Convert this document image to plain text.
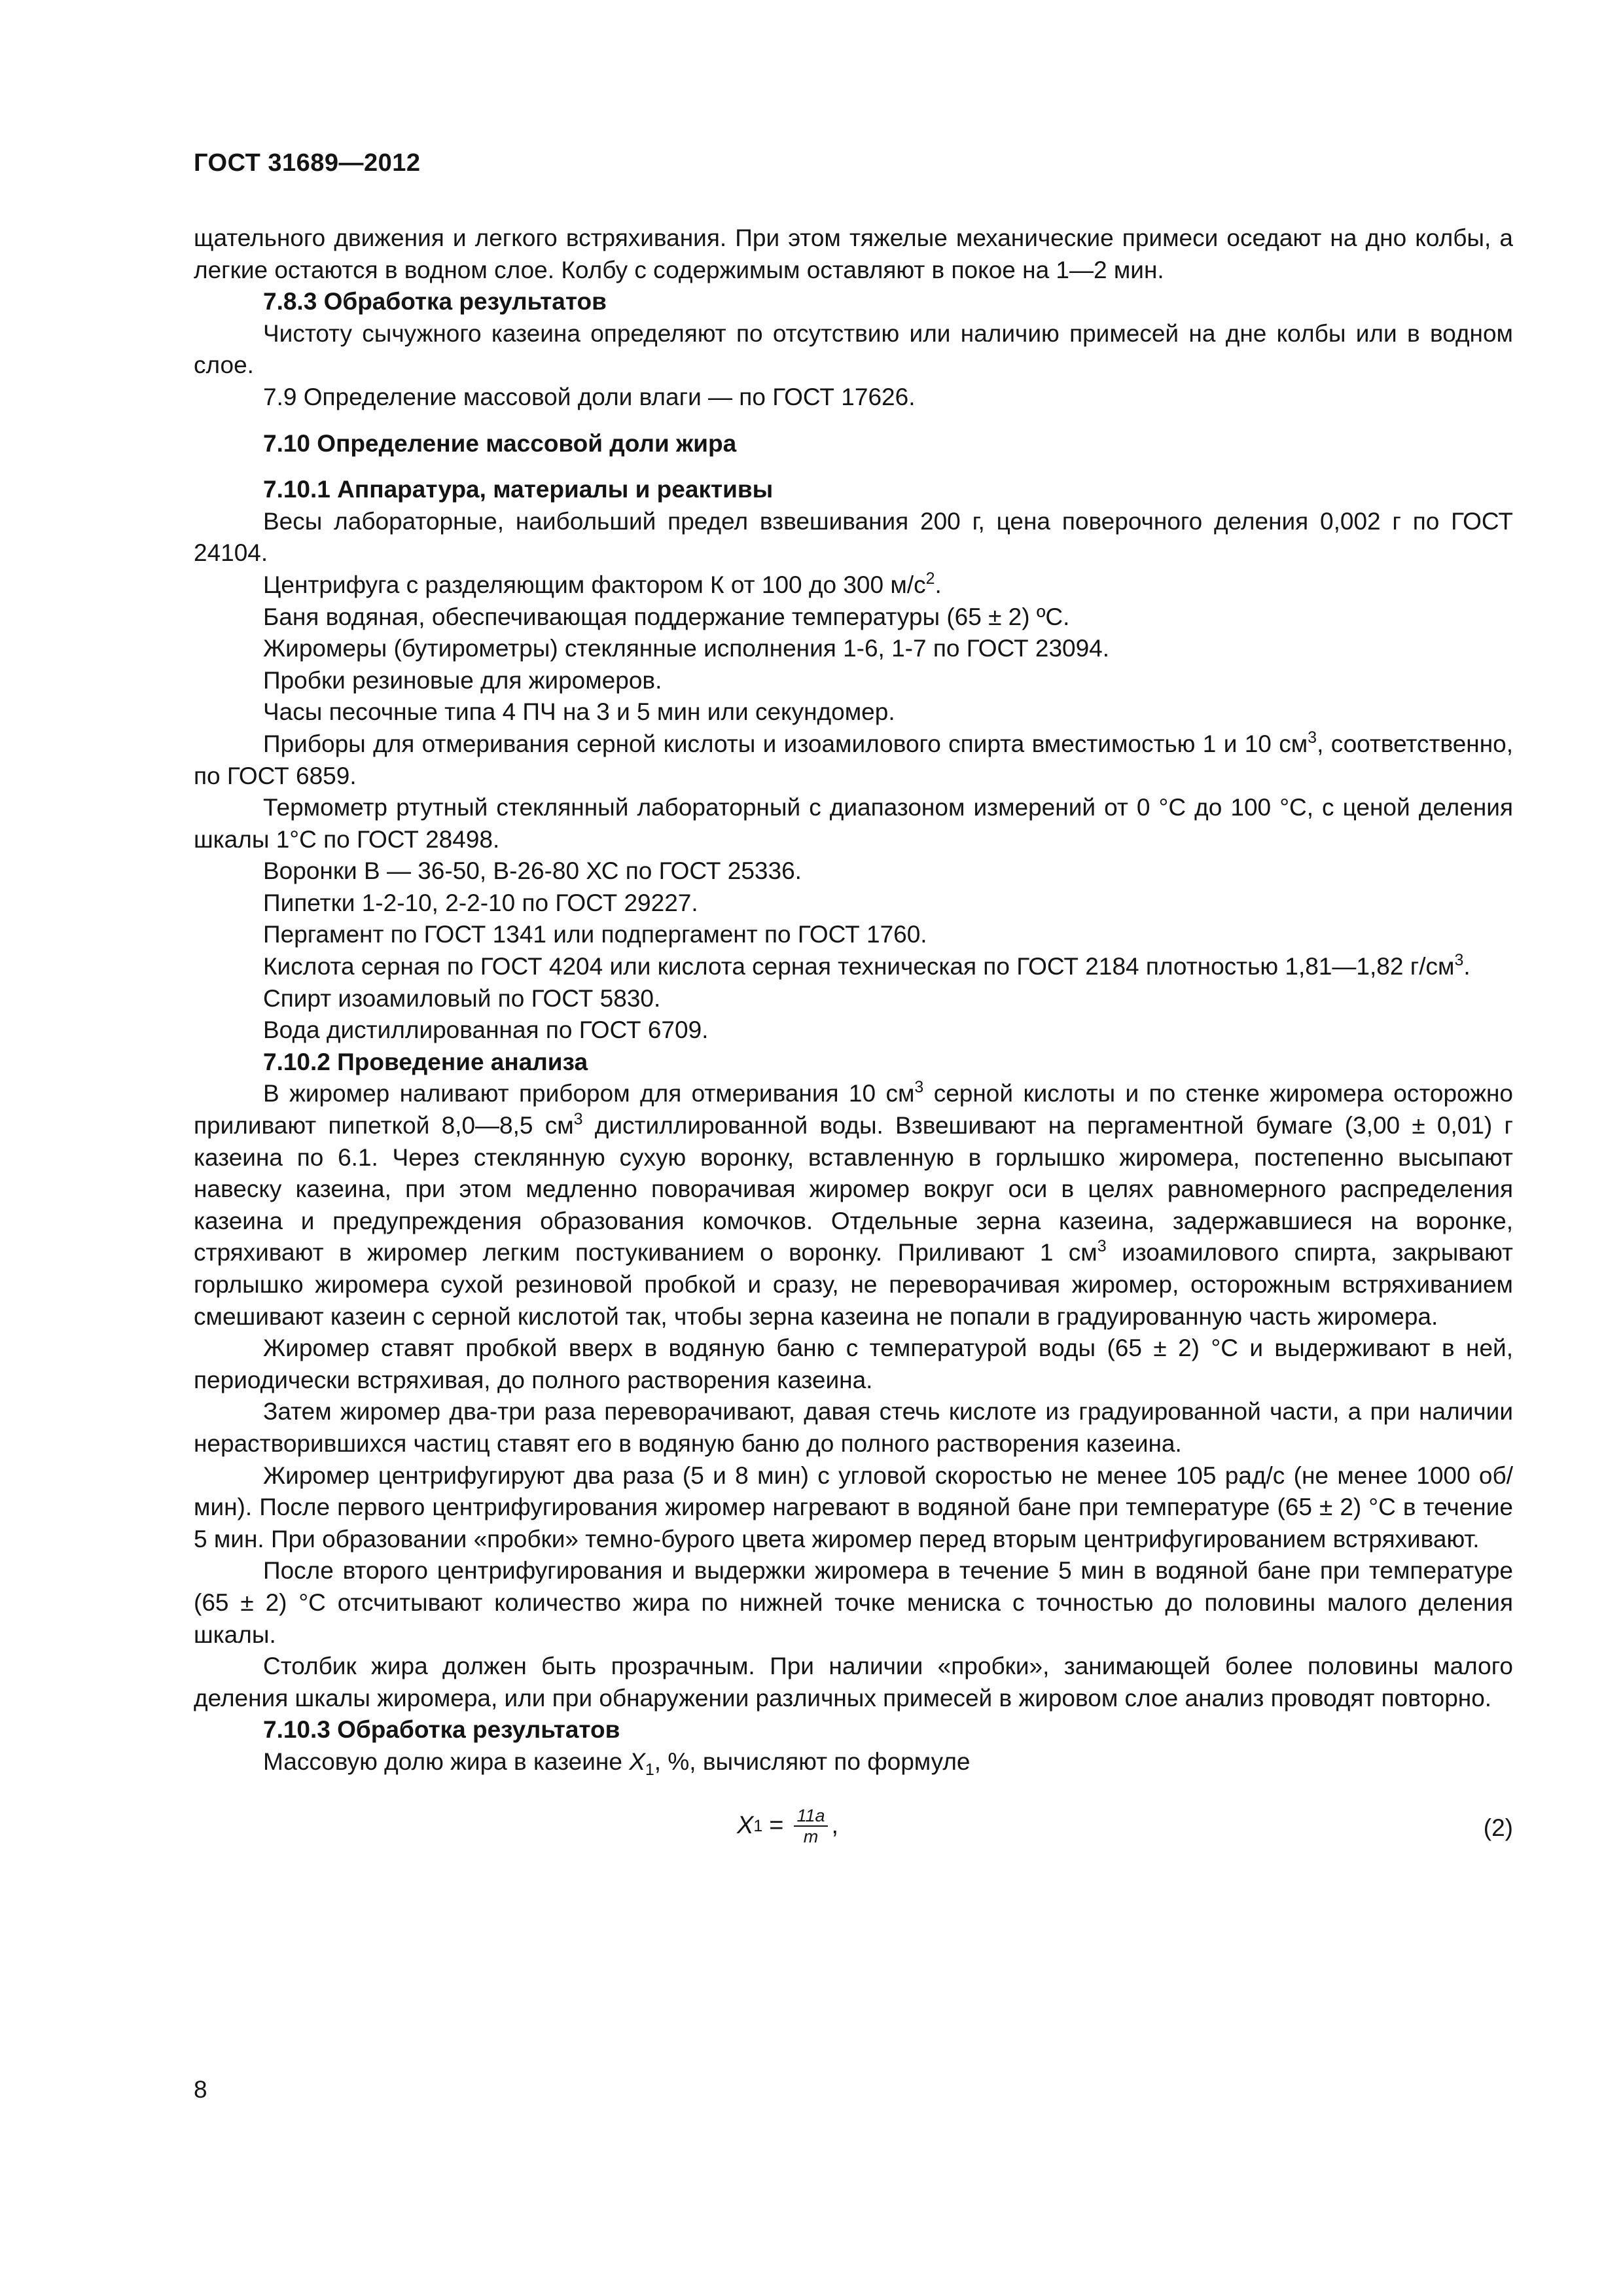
ГОСТ 31689—2012

щательного движения и легкого встряхивания. При этом тяжелые механические примеси оседают на дно колбы, а легкие остаются в водном слое. Колбу с содержимым оставляют в покое на 1—2 мин.

7.8.3 Обработка результатов

Чистоту сычужного казеина определяют по отсутствию или наличию примесей на дне колбы или в водном слое.

7.9 Определение массовой доли влаги — по ГОСТ 17626.

7.10 Определение массовой доли жира

7.10.1 Аппаратура, материалы и реактивы

Весы лабораторные, наибольший предел взвешивания 200 г, цена поверочного деления 0,002 г по ГОСТ 24104.

Центрифуга с разделяющим фактором К от 100 до 300 $м/с^2$.

Баня водяная, обеспечивающая поддержание температуры (65 ± 2) ºС.

Жиромеры (бутирометры) стеклянные исполнения 1-6, 1-7 по ГОСТ 23094.

Пробки резиновые для жиромеров.

Часы песочные типа 4 ПЧ на 3 и 5 мин или секундомер.

Приборы для отмеривания серной кислоты и изоамилового спирта вместимостью 1 и 10 $см^3$, соответственно, по ГОСТ 6859.

Термометр ртутный стеклянный лабораторный с диапазоном измерений от 0 °С до 100 °С, с ценой деления шкалы 1°С по ГОСТ 28498.

Воронки В — 36-50, В-26-80 ХС по ГОСТ 25336.

Пипетки 1-2-10, 2-2-10 по ГОСТ 29227.

Пергамент по ГОСТ 1341 или подпергамент по ГОСТ 1760.

Кислота серная по ГОСТ 4204 или кислота серная техническая по ГОСТ 2184 плотностью 1,81—1,82 $г/см^3$.

Спирт изоамиловый по ГОСТ 5830.

Вода дистиллированная по ГОСТ 6709.

7.10.2 Проведение анализа

В жиромер наливают прибором для отмеривания 10 $см^3$ серной кислоты и по стенке жиромера осторожно приливают пипеткой 8,0—8,5 $см^3$ дистиллированной воды. Взвешивают на пергаментной бумаге (3,00 ± 0,01) г казеина по 6.1. Через стеклянную сухую воронку, вставленную в горлышко жиромера, постепенно высыпают навеску казеина, при этом медленно поворачивая жиромер вокруг оси в целях равномерного распределения казеина и предупреждения образования комочков. Отдельные зерна казеина, задержавшиеся на воронке, стряхивают в жиромер легким постукиванием о воронку. Приливают 1 $см^3$ изоамилового спирта, закрывают горлышко жиромера сухой резиновой пробкой и сразу, не переворачивая жиромер, осторожным встряхиванием смешивают казеин с серной кислотой так, чтобы зерна казеина не попали в градуированную часть жиромера.

Жиромер ставят пробкой вверх в водяную баню с температурой воды (65 ± 2) °С и выдерживают в ней, периодически встряхивая, до полного растворения казеина.

Затем жиромер два-три раза переворачивают, давая стечь кислоте из градуированной части, а при наличии нерастворившихся частиц ставят его в водяную баню до полного растворения казеина.

Жиромер центрифугируют два раза (5 и 8 мин) с угловой скоростью не менее 105 рад/с (не менее 1000 об/мин). После первого центрифугирования жиромер нагревают в водяной бане при температуре (65 ± 2) °С в течение 5 мин. При образовании «пробки» темно-бурого цвета жиромер перед вторым центрифугированием встряхивают.

После второго центрифугирования и выдержки жиромера в течение 5 мин в водяной бане при температуре (65 ± 2) °С отсчитывают количество жира по нижней точке мениска с точностью до половины малого деления шкалы.

Столбик жира должен быть прозрачным. При наличии «пробки», занимающей более половины малого деления шкалы жиромера, или при обнаружении различных примесей в жировом слое анализ проводят повторно.

7.10.3 Обработка результатов

Массовую долю жира в казеине $X_1$, %, вычисляют по формуле

X $1 = \frac{11a}{m}$ ,	(2)
8
